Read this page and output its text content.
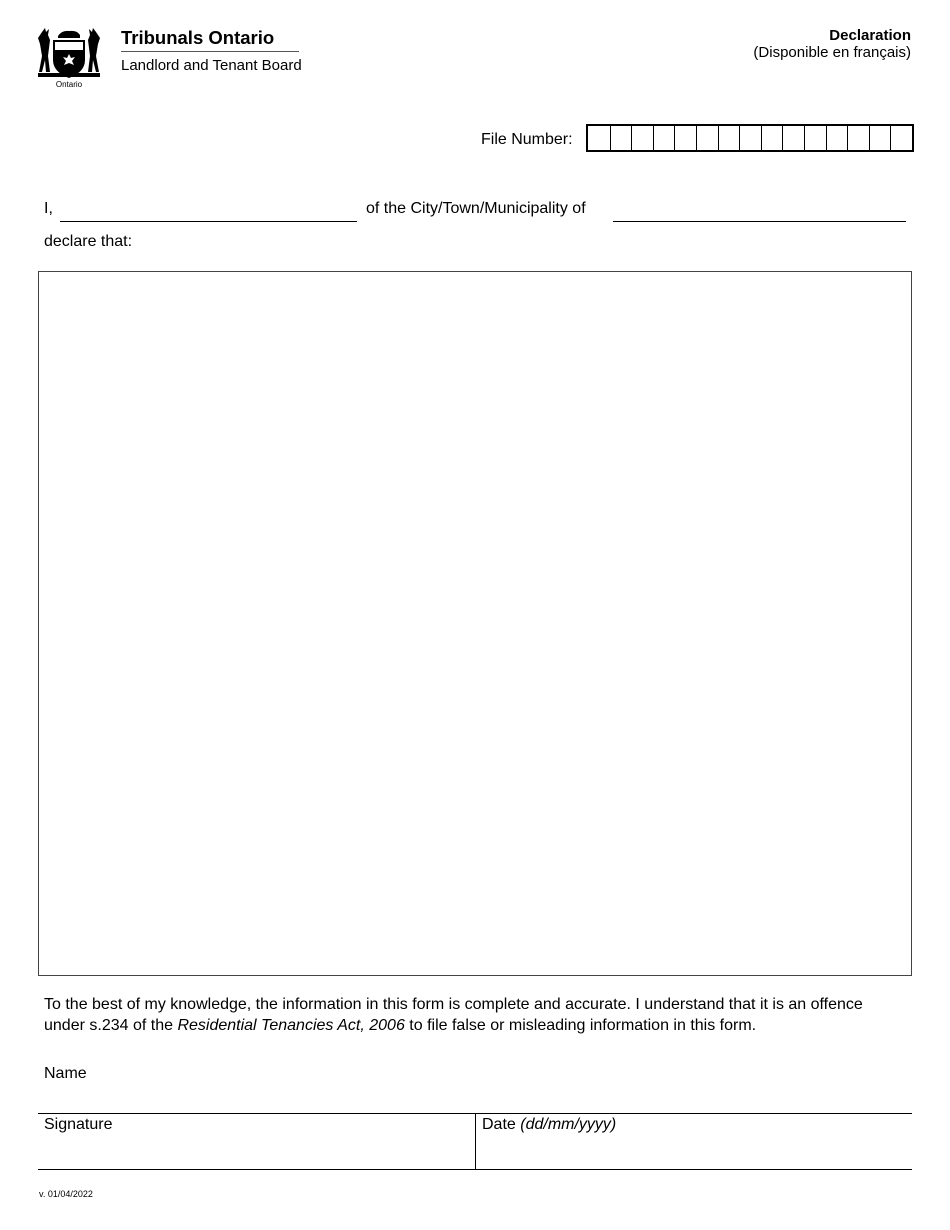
Ontario
Tribunals Ontario
Landlord and Tenant Board
Declaration
(Disponible en français)
File Number:
I,	of the City/Town/Municipality of
declare that:
To the best of my knowledge, the information in this form is complete and accurate. I understand that it is an offence under s.234 of the Residential Tenancies Act, 2006 to file false or misleading information in this form.
Name
Signature	Date (dd/mm/yyyy)
v. 01/04/2022
